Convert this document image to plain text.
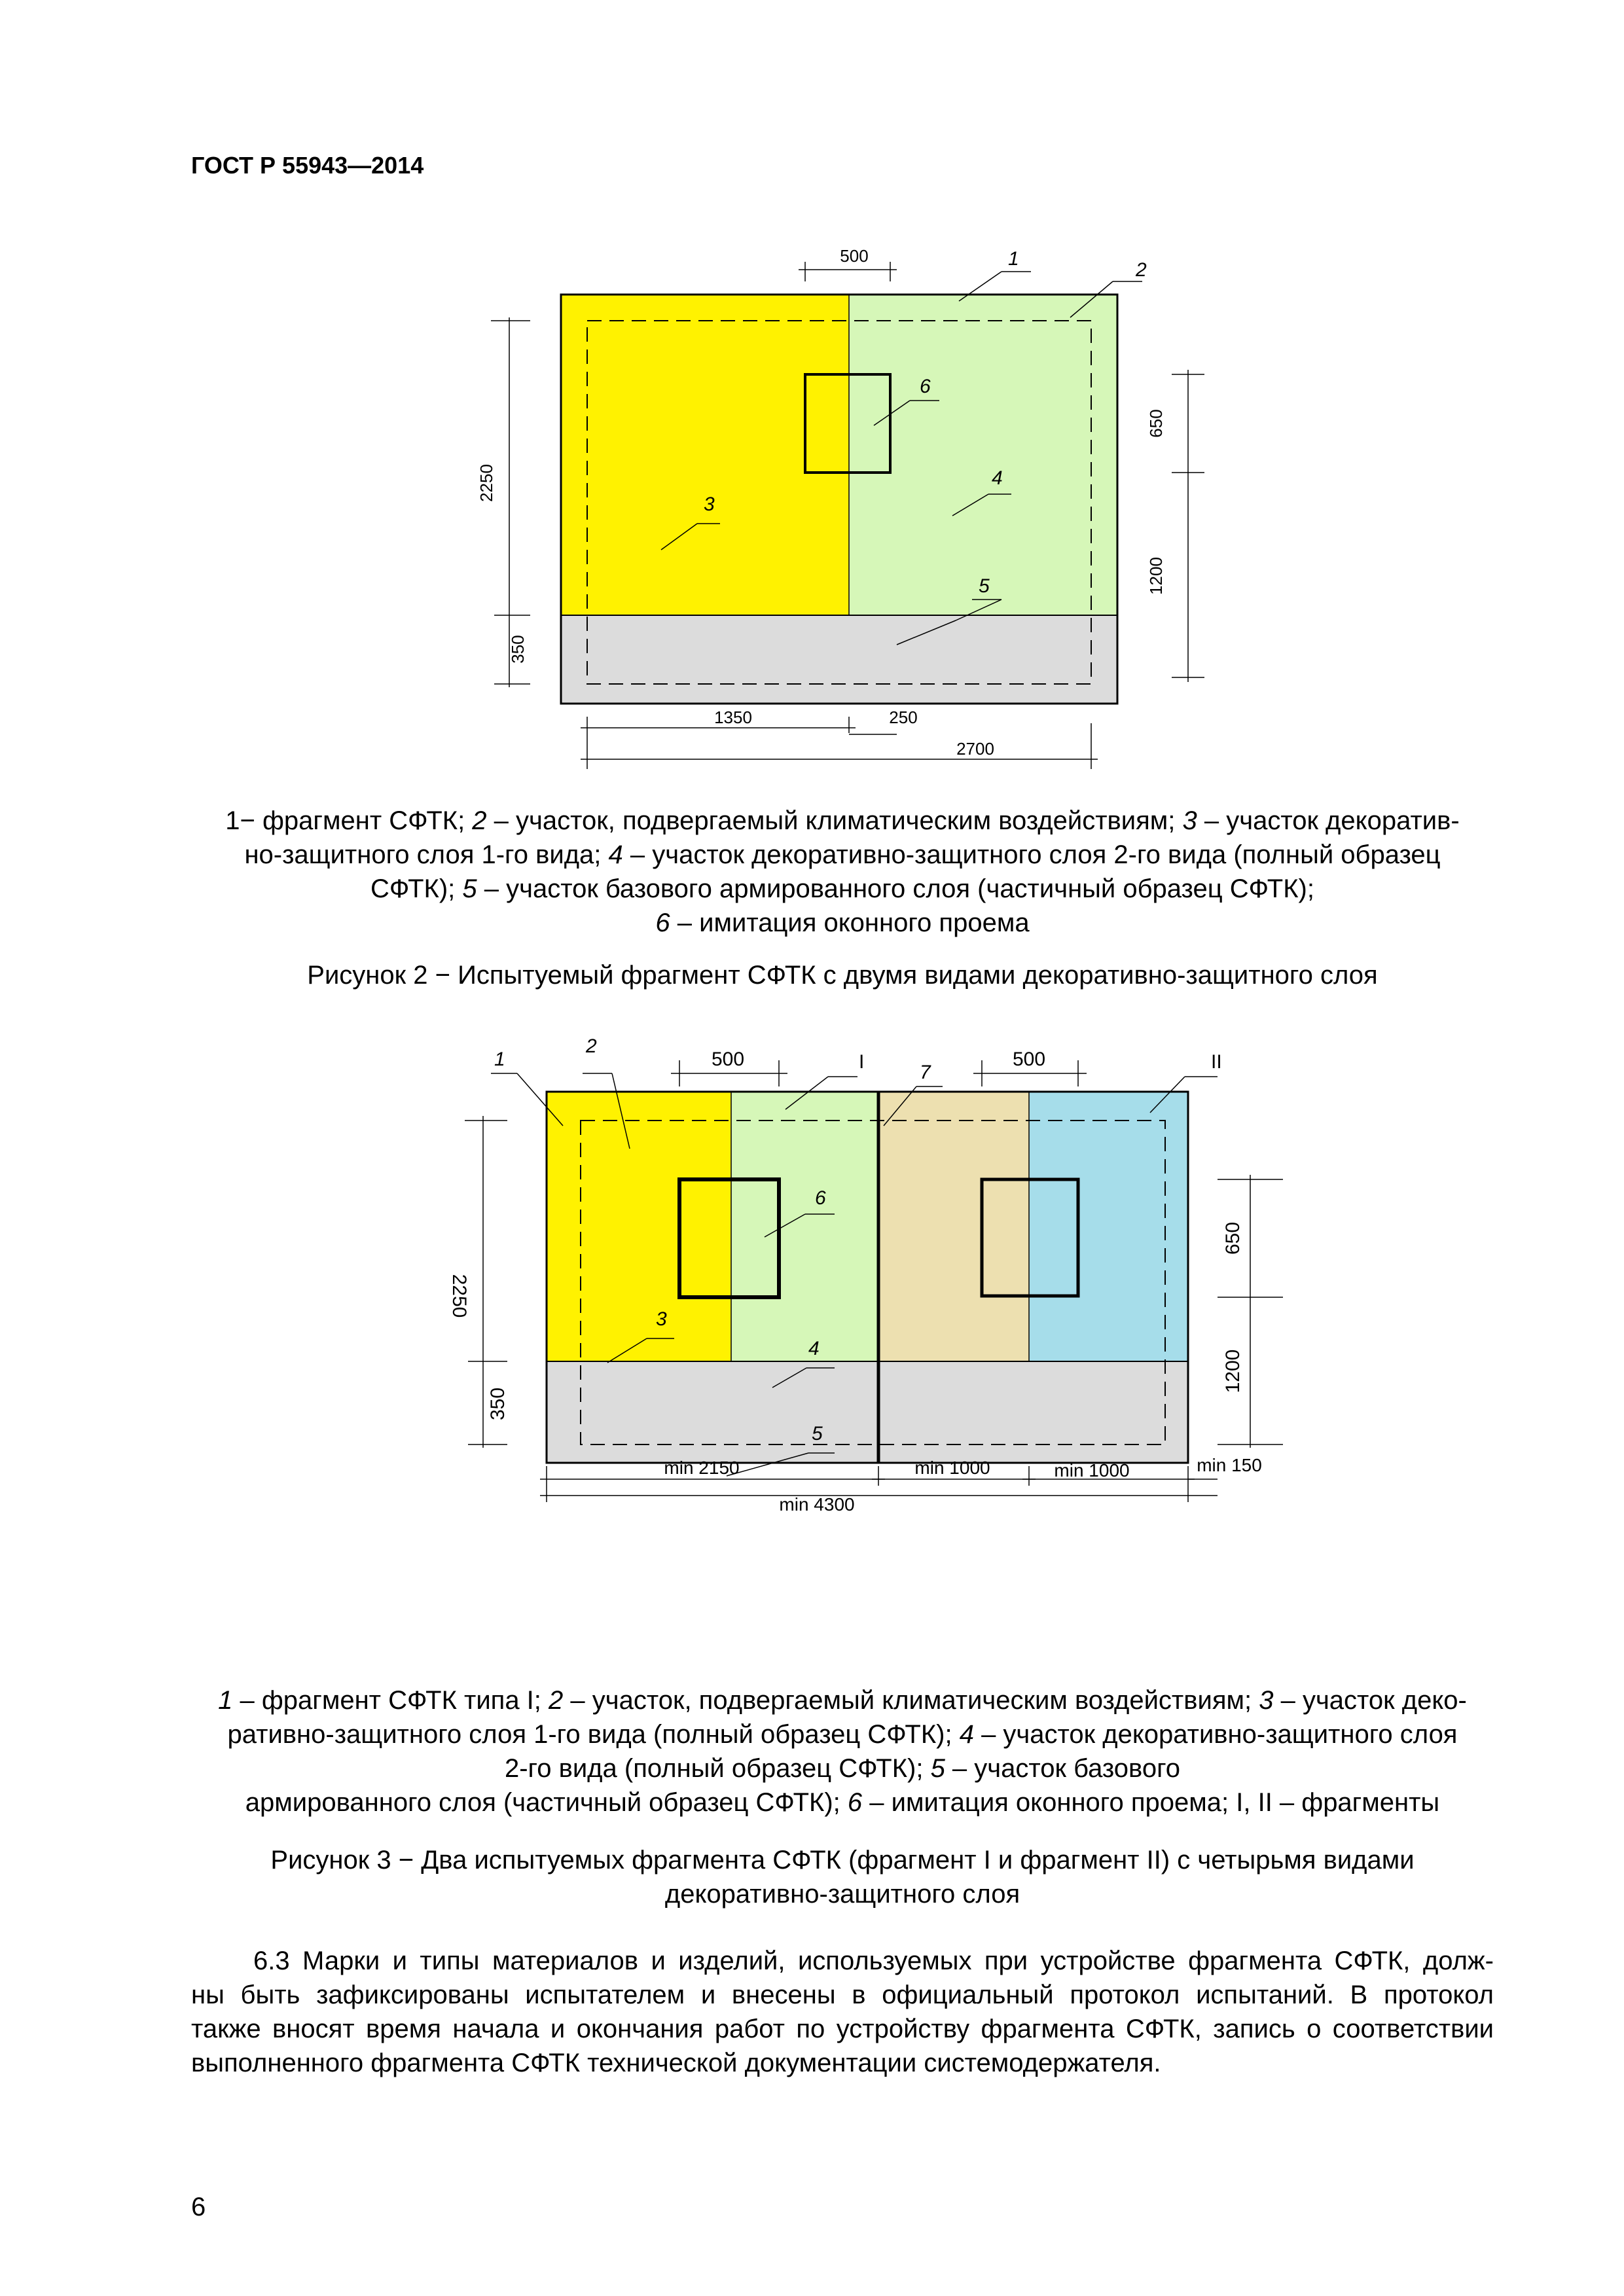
ГОСТ Р 55943—2014
500
2250
350
650
1200
1350	250
2700
1
2
6
3
4
5
1− фрагмент СФТК; 2 – участок, подвергаемый климатическим воздействиям; 3 – участок декоратив-
но-защитного слоя 1-го вида; 4 – участок декоративно-защитного слоя 2-го вида (полный образец
СФТК); 5 – участок базового армированного слоя (частичный образец СФТК);
6 – имитация оконного проема
Рисунок 2 − Испытуемый фрагмент СФТК с двумя видами декоративно-защитного слоя
500	500
2250
350
650
1200
min 2150	min 1000	min 1000	min 150
min 4300
1
2
7
6
3
4
5
I	II
1 – фрагмент СФТК типа I; 2 – участок, подвергаемый климатическим воздействиям; 3 – участок деко-
ративно-защитного слоя 1-го вида (полный образец СФТК); 4 – участок декоративно-защитного слоя
2-го вида (полный образец СФТК); 5 – участок базового
армированного слоя (частичный образец СФТК); 6 – имитация оконного проема; I, II – фрагменты
Рисунок 3 − Два испытуемых фрагмента СФТК (фрагмент I и фрагмент II) с четырьмя видами
декоративно-защитного слоя
6.3 Марки и типы материалов и изделий, используемых при устройстве фрагмента СФТК, долж-
ны быть зафиксированы испытателем и внесены в официальный протокол испытаний. В протокол
также вносят время начала и окончания работ по устройству фрагмента СФТК, запись о соответствии
выполненного фрагмента СФТК технической документации системодержателя.
6
